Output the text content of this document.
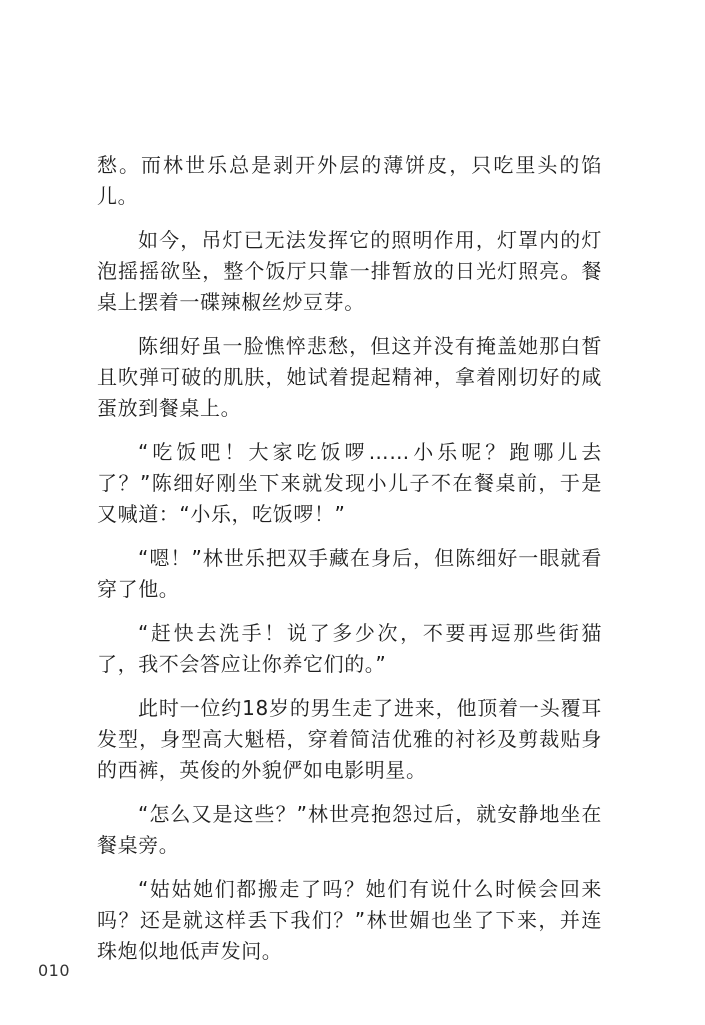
愁。而林世乐总是剥开外层的薄饼皮，只吃里头的馅儿。

如今，吊灯已无法发挥它的照明作用，灯罩内的灯泡摇摇欲坠，整个饭厅只靠一排暂放的日光灯照亮。餐桌上摆着一碟辣椒丝炒豆芽。

陈细好虽一脸憔悴悲愁，但这并没有掩盖她那白皙且吹弹可破的肌肤，她试着提起精神，拿着刚切好的咸蛋放到餐桌上。

“吃饭吧！大家吃饭啰……小乐呢？跑哪儿去了？”陈细好刚坐下来就发现小儿子不在餐桌前，于是又喊道：“小乐，吃饭啰！”

“嗯！”林世乐把双手藏在身后，但陈细好一眼就看穿了他。

“赶快去洗手！说了多少次，不要再逗那些街猫了，我不会答应让你养它们的。”

此时一位约18岁的男生走了进来，他顶着一头覆耳发型，身型高大魁梧，穿着简洁优雅的衬衫及剪裁贴身的西裤，英俊的外貌俨如电影明星。

“怎么又是这些？”林世亮抱怨过后，就安静地坐在餐桌旁。

“姑姑她们都搬走了吗？她们有说什么时候会回来吗？还是就这样丢下我们？”林世媚也坐了下来，并连珠炮似地低声发问。

010
